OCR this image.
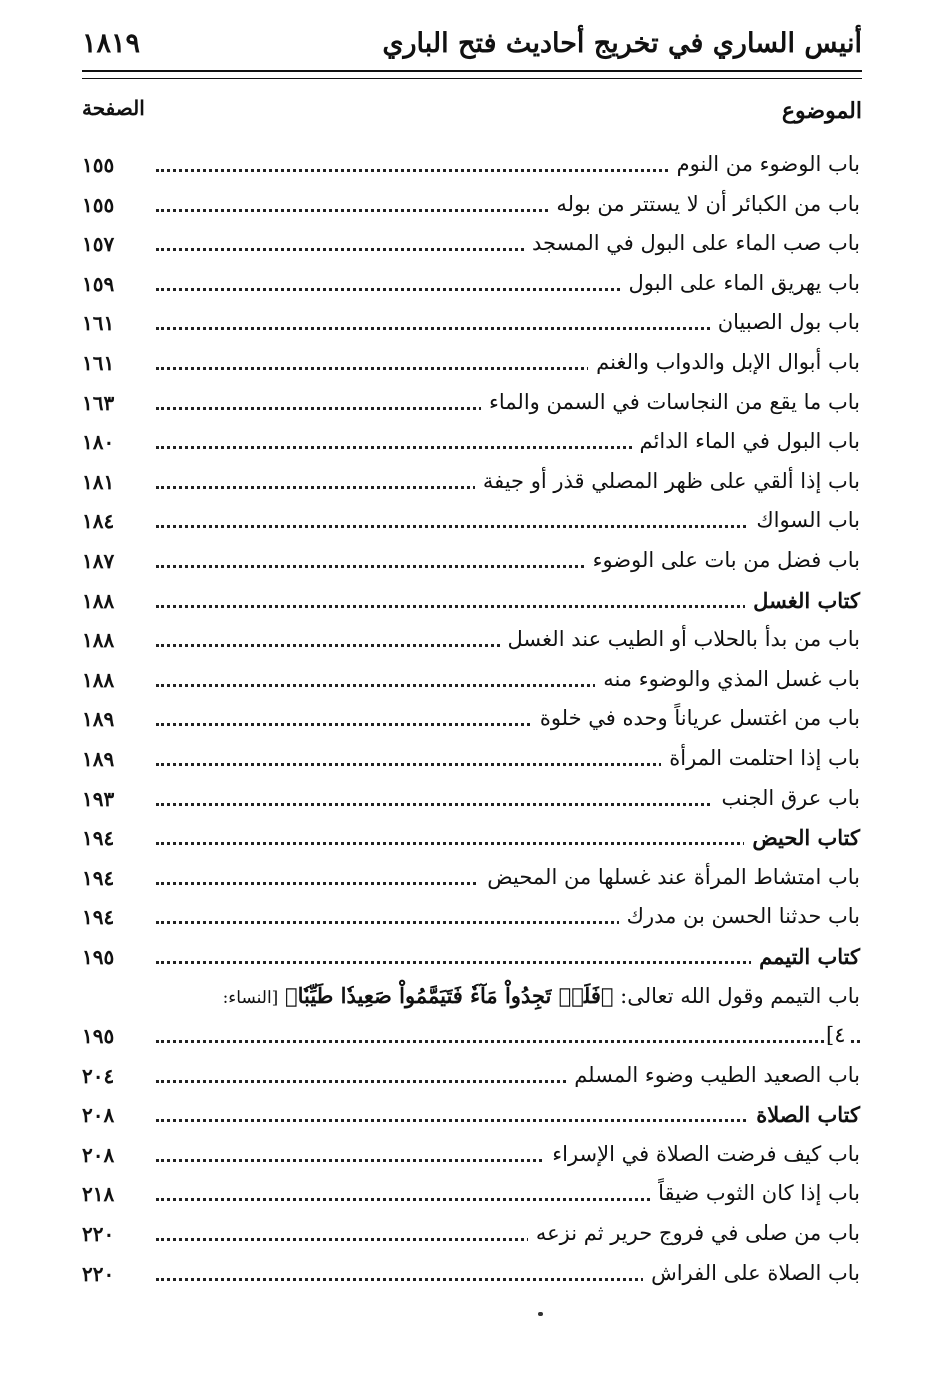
أنيس الساري في تخريج أحاديث فتح الباري
١٨١٩
الموضوع
الصفحة
باب الوضوء من النوم
١٥٥
باب من الكبائر أن لا يستتر من بوله
١٥٥
باب صب الماء على البول في المسجد
١٥٧
باب يهريق الماء على البول
١٥٩
باب بول الصبيان
١٦١
باب أبوال الإبل والدواب والغنم
١٦١
باب ما يقع من النجاسات في السمن والماء
١٦٣
باب البول في الماء الدائم
١٨٠
باب إذا ألقي على ظهر المصلي قذر أو جيفة
١٨١
باب السواك
١٨٤
باب فضل من بات على الوضوء
١٨٧
كتاب الغسل
١٨٨
باب من بدأ بالحلاب أو الطيب عند الغسل
١٨٨
باب غسل المذي والوضوء منه
١٨٨
باب من اغتسل عرياناً وحده في خلوة
١٨٩
باب إذا احتلمت المرأة
١٨٩
باب عرق الجنب
١٩٣
كتاب الحيض
١٩٤
باب امتشاط المرأة عند غسلها من المحيض
١٩٤
باب حدثنا الحسن بن مدرك
١٩٤
كتاب التيمم
١٩٥
باب التيمم وقول الله تعالى: ﴿فَلَمۡ تَجِدُواْ مَآءٗ فَتَيَمَّمُواْ صَعِيدٗا طَيِّبٗا﴾ [النساء:
٤]
١٩٥
باب الصعيد الطيب وضوء المسلم
٢٠٤
كتاب الصلاة
٢٠٨
باب كيف فرضت الصلاة في الإسراء
٢٠٨
باب إذا كان الثوب ضيقاً
٢١٨
باب من صلى في فروج حرير ثم نزعه
٢٢٠
باب الصلاة على الفراش
٢٢٠
